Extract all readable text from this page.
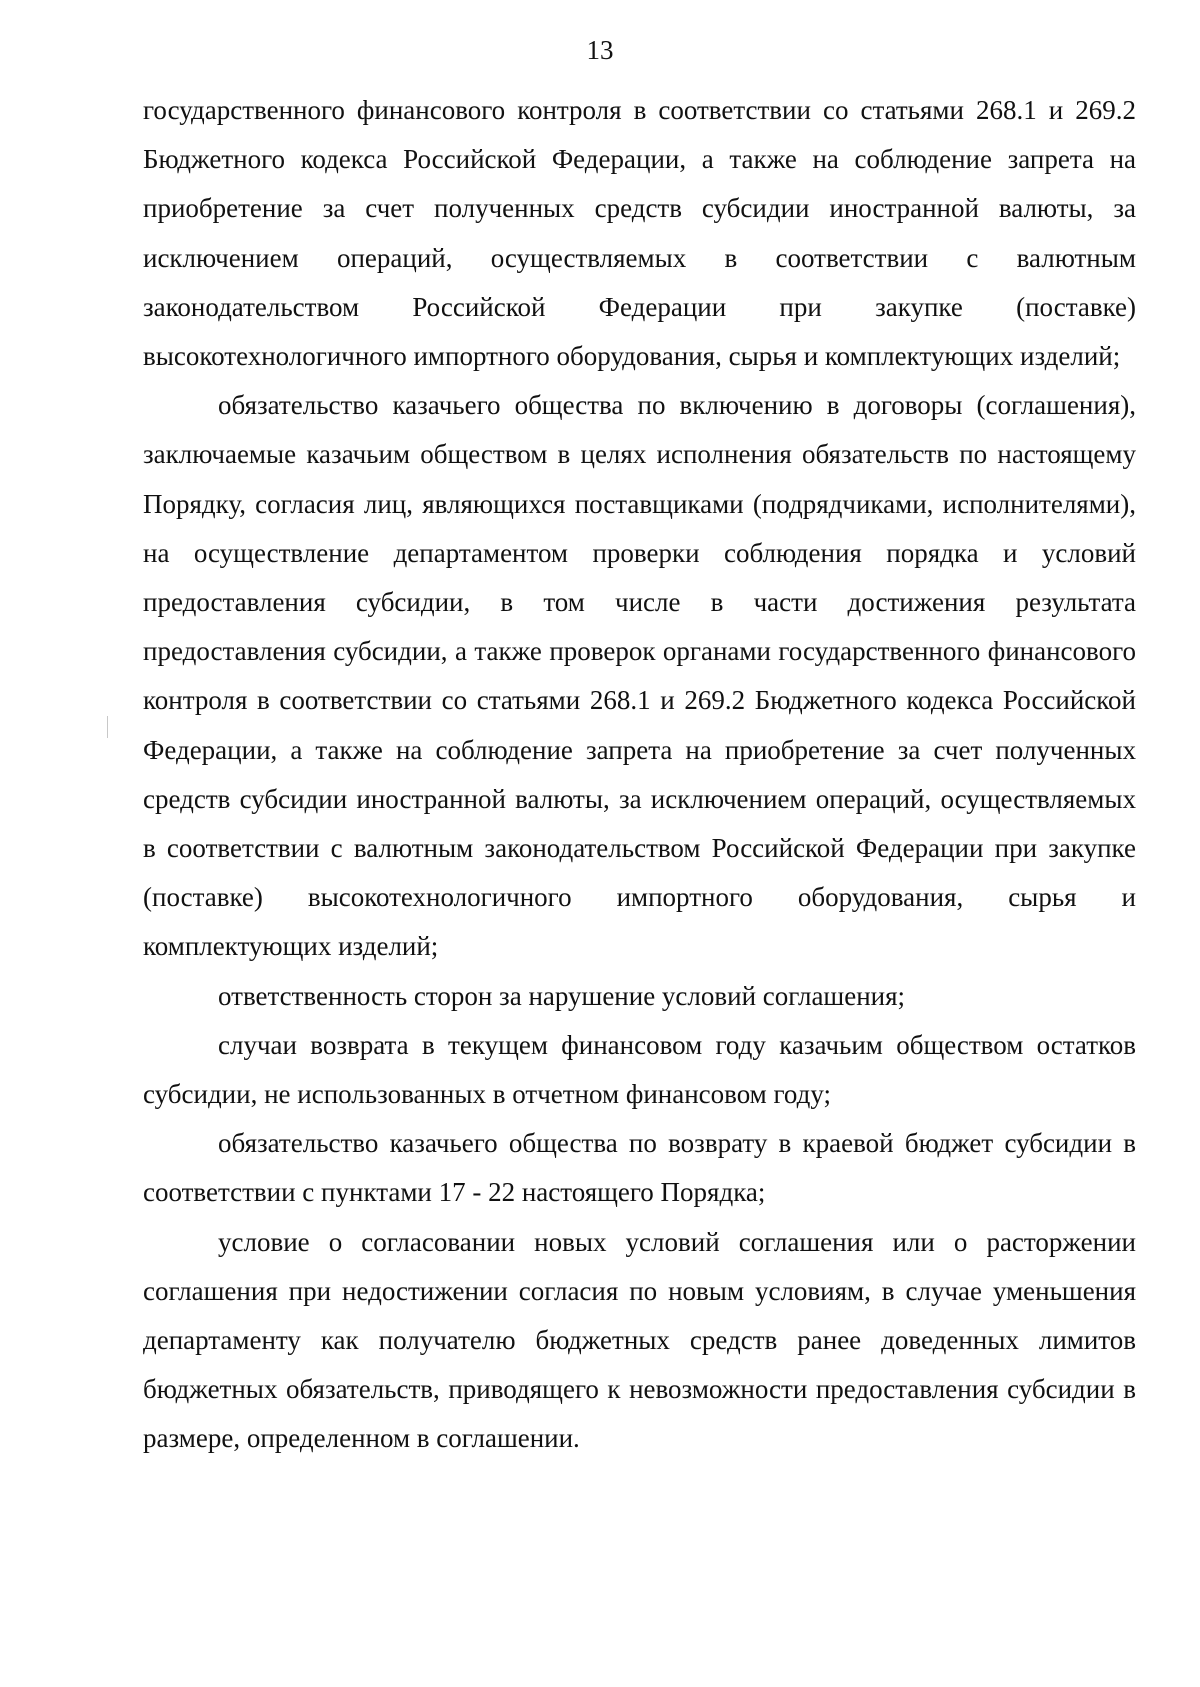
13

государственного финансового контроля в соответствии со статьями 268.1 и 269.2 Бюджетного кодекса Российской Федерации, а также на соблюдение запрета на приобретение за счет полученных средств субсидии иностранной валюты, за исключением операций, осуществляемых в соответствии с валютным законодательством Российской Федерации при закупке (поставке) высокотехнологичного импортного оборудования, сырья и комплектующих изделий;

обязательство казачьего общества по включению в договоры (соглашения), заключаемые казачьим обществом в целях исполнения обязательств по настоящему Порядку, согласия лиц, являющихся поставщиками (подрядчиками, исполнителями), на осуществление департаментом проверки соблюдения порядка и условий предоставления субсидии, в том числе в части достижения результата предоставления субсидии, а также проверок органами государственного финансового контроля в соответствии со статьями 268.1 и 269.2 Бюджетного кодекса Российской Федерации, а также на соблюдение запрета на приобретение за счет полученных средств субсидии иностранной валюты, за исключением операций, осуществляемых в соответствии с валютным законодательством Российской Федерации при закупке (поставке) высокотехнологичного импортного оборудования, сырья и комплектующих изделий;

ответственность сторон за нарушение условий соглашения;

случаи возврата в текущем финансовом году казачьим обществом остатков субсидии, не использованных в отчетном финансовом году;

обязательство казачьего общества по возврату в краевой бюджет субсидии в соответствии с пунктами 17 - 22 настоящего Порядка;

условие о согласовании новых условий соглашения или о расторжении соглашения при недостижении согласия по новым условиям, в случае уменьшения департаменту как получателю бюджетных средств ранее доведенных лимитов бюджетных обязательств, приводящего к невозможности предоставления субсидии в размере, определенном в соглашении.
